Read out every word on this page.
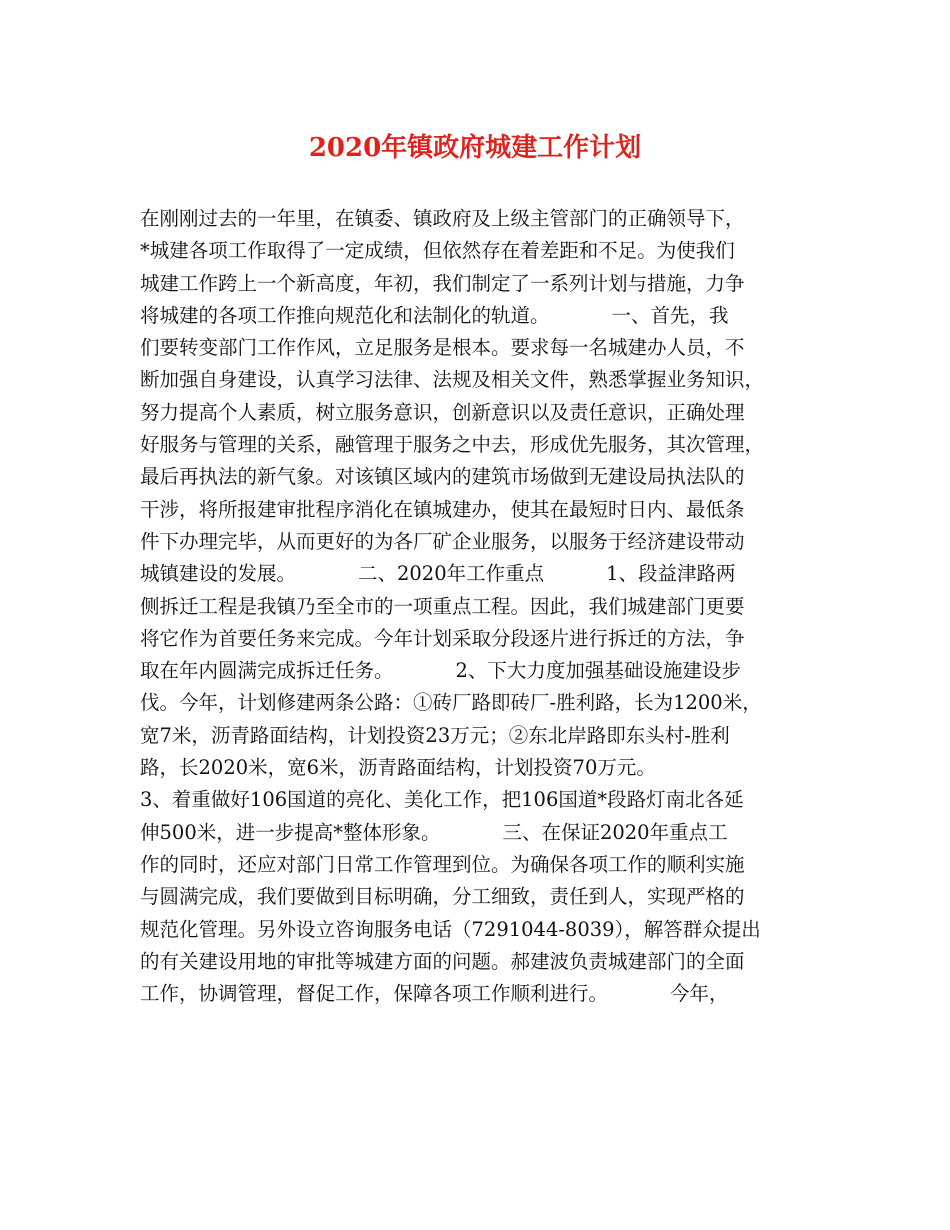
2020年镇政府城建工作计划
在刚刚过去的一年里，在镇委、镇政府及上级主管部门的正确领导下，
*城建各项工作取得了一定成绩，但依然存在着差距和不足。为使我们
城建工作跨上一个新高度，年初，我们制定了一系列计划与措施，力争
将城建的各项工作推向规范化和法制化的轨道。          一、首先，我
们要转变部门工作作风，立足服务是根本。要求每一名城建办人员，不
断加强自身建设，认真学习法律、法规及相关文件，熟悉掌握业务知识，
努力提高个人素质，树立服务意识，创新意识以及责任意识，正确处理
好服务与管理的关系，融管理于服务之中去，形成优先服务，其次管理，
最后再执法的新气象。对该镇区域内的建筑市场做到无建设局执法队的
干涉，将所报建审批程序消化在镇城建办，使其在最短时日内、最低条
件下办理完毕，从而更好的为各厂矿企业服务，以服务于经济建设带动
城镇建设的发展。          二、2020年工作重点          1、段益津路两
侧拆迁工程是我镇乃至全市的一项重点工程。因此，我们城建部门更要
将它作为首要任务来完成。今年计划采取分段逐片进行拆迁的方法，争
取在年内圆满完成拆迁任务。          2、下大力度加强基础设施建设步
伐。今年，计划修建两条公路：①砖厂路即砖厂-胜利路，长为1200米，
宽7米，沥青路面结构，计划投资23万元；②东北岸路即东头村-胜利
路，长2020米，宽6米，沥青路面结构，计划投资70万元。
3、着重做好106国道的亮化、美化工作，把106国道*段路灯南北各延
伸500米，进一步提高*整体形象。          三、在保证2020年重点工
作的同时，还应对部门日常工作管理到位。为确保各项工作的顺利实施
与圆满完成，我们要做到目标明确，分工细致，责任到人，实现严格的
规范化管理。另外设立咨询服务电话（7291044-8039），解答群众提出
的有关建设用地的审批等城建方面的问题。郝建波负责城建部门的全面
工作，协调管理，督促工作，保障各项工作顺利进行。          今年，
